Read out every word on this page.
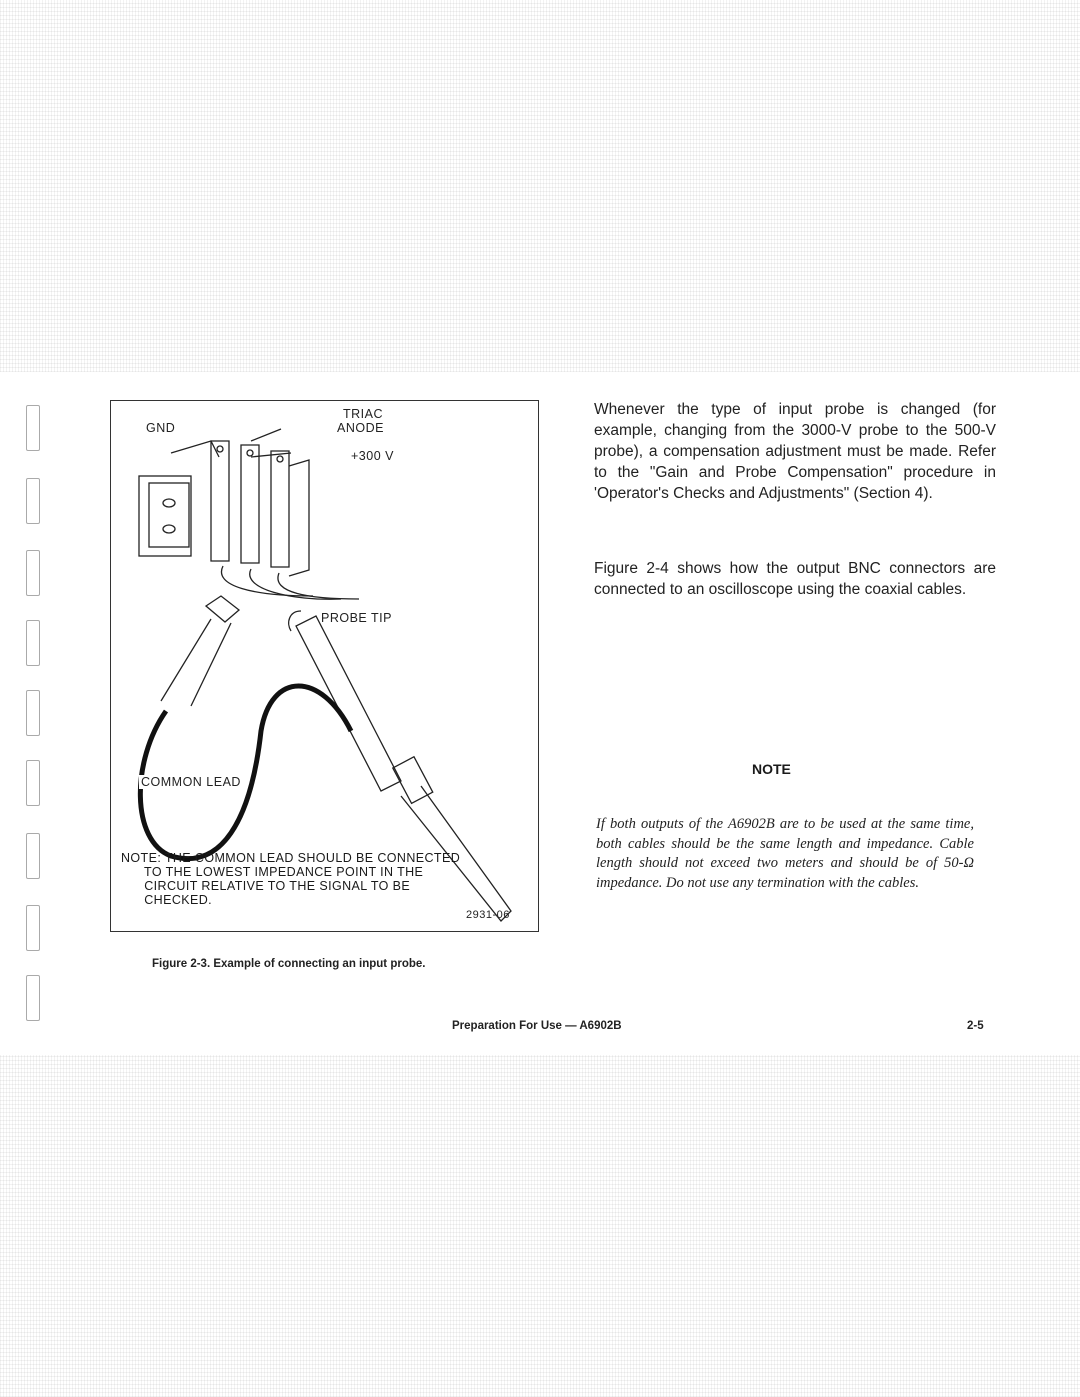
TRIAC
ANODE
GND
+300 V
PROBE TIP
COMMON LEAD
NOTE: THE COMMON LEAD SHOULD BE CONNECTED
TO THE LOWEST IMPEDANCE POINT IN THE
CIRCUIT RELATIVE TO THE SIGNAL TO BE
CHECKED.
2931-06
Figure 2-3. Example of connecting an input probe.
Whenever the type of input probe is changed (for example, changing from the 3000-V probe to the 500-V probe), a compensation adjustment must be made. Refer to the "Gain and Probe Compensation" procedure in 'Operator's Checks and Adjustments" (Section 4).
Figure 2-4 shows how the output BNC connectors are connected to an oscilloscope using the coaxial cables.
NOTE
If both outputs of the A6902B are to be used at the same time, both cables should be the same length and impedance. Cable length should not exceed two meters and should be of 50-Ω impedance. Do not use any termination with the cables.
Preparation For Use — A6902B	2-5
